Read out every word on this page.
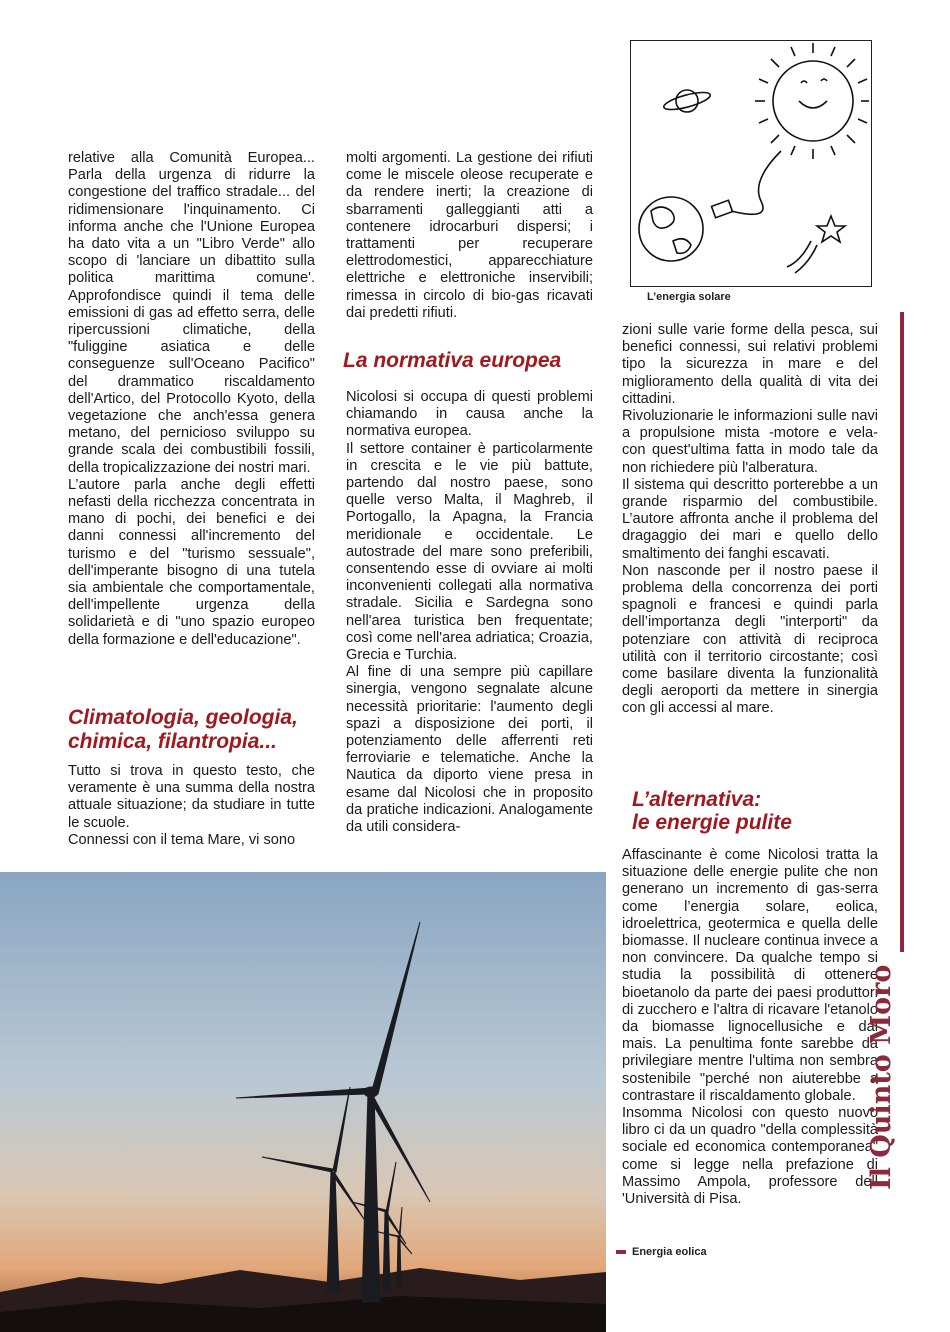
relative alla Comunità Europea... Parla della urgenza di ridurre la congestione del traffico stradale... del ridimensionare l'inquinamento. Ci informa anche che l'Unione Europea ha dato vita a un "Libro Verde" allo scopo di 'lanciare un dibattito sulla politica marittima comune'. Approfondisce quindi il tema delle emissioni di gas ad effetto serra, delle ripercussioni climatiche, della "fuliggine asiatica e delle conseguenze sull'Oceano Pacifico" del drammatico riscaldamento dell'Artico, del Protocollo Kyoto, della vegetazione che anch'essa genera metano, del pernicioso sviluppo su grande scala dei combustibili fossili, della tropicalizzazione dei nostri mari.

L’autore parla anche degli effetti nefasti della ricchezza concentrata in mano di pochi, dei benefici e dei danni connessi all'incremento del turismo e del "turismo sessuale", dell'imperante bisogno di una tutela sia ambientale che comportamentale, dell'impellente urgenza della solidarietà e di "uno spazio europeo della formazione e dell'educazione".

Climatologia, geologia, chimica, filantropia...

Tutto si trova in questo testo, che veramente è una summa della nostra attuale situazione; da studiare in tutte le scuole.

Connessi con il tema Mare, vi sono

molti argomenti. La gestione dei rifiuti come le miscele oleose recuperate e da rendere inerti; la creazione di sbarramenti galleggianti atti a contenere idrocarburi dispersi; i trattamenti per recuperare elettrodomestici, apparecchiature elettriche e elettroniche inservibili; rimessa in circolo di bio-gas ricavati dai predetti rifiuti.

La normativa europea

Nicolosi si occupa di questi problemi chiamando in causa anche la normativa europea.

Il settore container è particolarmente in crescita e le vie più battute, partendo dal nostro paese, sono quelle verso Malta, il Maghreb, il Portogallo, la Apagna, la Francia meridionale e occidentale. Le autostrade del mare sono preferibili, consentendo esse di ovviare ai molti inconvenienti collegati alla normativa stradale. Sicilia e Sardegna sono nell'area turistica ben frequentate; così come nell'area adriatica; Croazia, Grecia e Turchia.

Al fine di una sempre più capillare sinergia, vengono segnalate alcune necessità prioritarie: l'aumento degli spazi a disposizione dei porti, il potenziamento delle afferrenti reti ferroviarie e telematiche. Anche la Nautica da diporto viene presa in esame dal Nicolosi che in proposito da pratiche indicazioni. Analogamente da utili considera-

L’energia solare

zioni sulle varie forme della pesca, sui benefici connessi, sui relativi problemi tipo la sicurezza in mare e del miglioramento della qualità di vita dei cittadini.

Rivoluzionarie le informazioni sulle navi a propulsione mista -motore e vela- con quest'ultima fatta in modo tale da non richiedere più l'alberatura.

Il sistema qui descritto porterebbe a un grande risparmio del combustibile. L’autore affronta anche il problema del dragaggio dei mari e quello dello smaltimento dei fanghi escavati.

Non nasconde per il nostro paese il problema della concorrenza dei porti spagnoli e francesi e quindi parla dell’importanza degli "interporti" da potenziare con attività di reciproca utilità con il territorio circostante; così come basilare diventa la funzionalità degli aeroporti da mettere in sinergia con gli accessi al mare.

L’alternativa:
le energie pulite

Affascinante è come Nicolosi tratta la situazione delle energie pulite che non generano un incremento di gas-serra come l’energia solare, eolica, idroelettrica, geotermica e quella delle biomasse. Il nucleare continua invece a non convincere. Da qualche tempo si studia la possibilità di ottenere bioetanolo da parte dei paesi produttori di zucchero e l'altra di ricavare l'etanolo da biomasse lignocellusiche e dal mais. La penultima fonte sarebbe da privilegiare mentre l'ultima non sembra sostenibile "perché non aiuterebbe a contrastare il riscaldamento globale.

Insomma Nicolosi con questo nuovo libro ci da un quadro "della complessità sociale ed economica contemporanea" come si legge nella prefazione di Massimo Ampola, professore dell 'Università di Pisa.

Energia eolica
Il Quinto Moro
